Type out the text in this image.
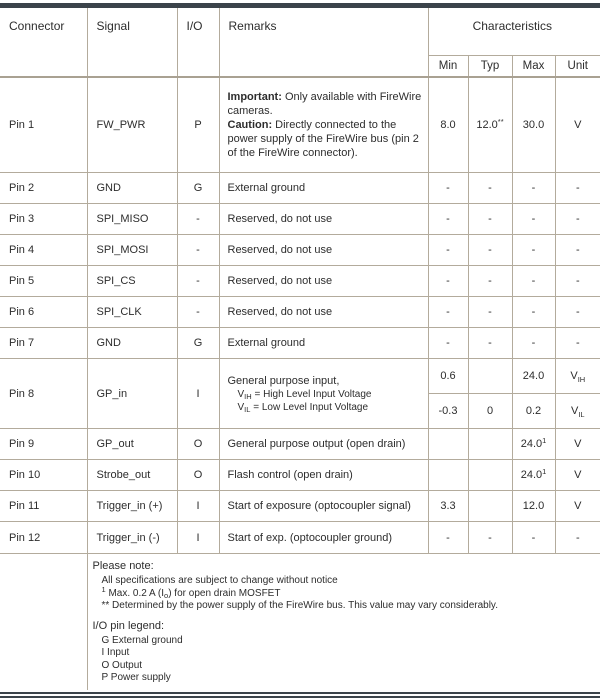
Connector	Signal	I/O	Remarks	Characteristics			
				Min	Typ	Max	Unit
Pin 1	FW_PWR	P	Important: Only available with FireWire cameras.
Caution: Directly connected to the power supply of the FireWire bus (pin 2 of the FireWire connector).	8.0	12.0**	30.0	V
Pin 2	GND	G	External ground	-	-	-	-
Pin 3	SPI_MISO	-	Reserved, do not use	-	-	-	-
Pin 4	SPI_MOSI	-	Reserved, do not use	-	-	-	-
Pin 5	SPI_CS	-	Reserved, do not use	-	-	-	-
Pin 6	SPI_CLK	-	Reserved, do not use	-	-	-	-
Pin 7	GND	G	External ground	-	-	-	-
Pin 8	GP_in	I	General purpose input,
$V_{IH}$ = High Level Input Voltage
$V_{IL}$ = Low Level Input Voltage	0.6		24.0	$V_{IH}$
				-0.3	0	0.2	$V_{IL}$
Pin 9	GP_out	O	General purpose output (open drain)			24.0$^1$	V
Pin 10	Strobe_out	O	Flash control (open drain)			24.0$^1$	V
Pin 11	Trigger_in (+)	I	Start of exposure (optocoupler signal)	3.3		12.0	V
Pin 12	Trigger_in (-)	I	Start of exp. (optocoupler ground)	-	-	-	-

Please note:
All specifications are subject to change without notice
$^1$ Max. 0.2 A $(I_o)$ for open drain MOSFET
** Determined by the power supply of the FireWire bus. This value may vary considerably.
I/O pin legend:
G External ground
I Input
O Output
P Power supply
